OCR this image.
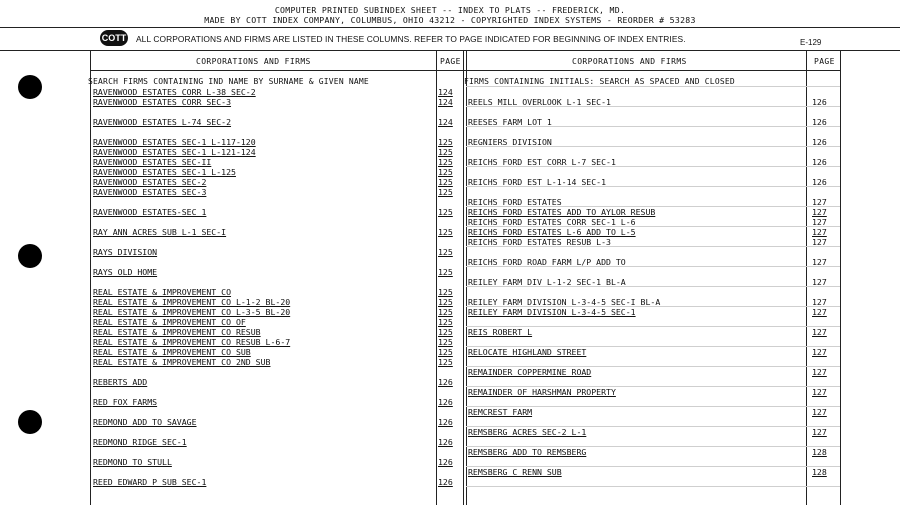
COMPUTER PRINTED SUBINDEX SHEET -- INDEX TO PLATS -- FREDERICK, MD.
MADE BY COTT INDEX COMPANY, COLUMBUS, OHIO 43212 - COPYRIGHTED INDEX SYSTEMS - REORDER # 53283
COTT ALL CORPORATIONS AND FIRMS ARE LISTED IN THESE COLUMNS. REFER TO PAGE INDICATED FOR BEGINNING OF INDEX ENTRIES.	E-129
CORPORATIONS AND FIRMS	PAGE	CORPORATIONS AND FIRMS	PAGE
SEARCH FIRMS CONTAINING IND NAME BY SURNAME & GIVEN NAME	FIRMS CONTAINING INITIALS: SEARCH AS SPACED AND CLOSED
RAVENWOOD ESTATES CORR L-38 SEC-2	124
RAVENWOOD ESTATES CORR SEC-3	124
RAVENWOOD ESTATES L-74 SEC-2	124
RAVENWOOD ESTATES SEC-1 L-117-120	125
RAVENWOOD ESTATES SEC-1 L-121-124	125
RAVENWOOD ESTATES SEC-II	125
RAVENWOOD ESTATES SEC-1 L-125	125
RAVENWOOD ESTATES SEC-2	125
RAVENWOOD ESTATES SEC-3	125
RAVENWOOD ESTATES-SEC 1	125
RAY ANN ACRES SUB L-1 SEC-I	125
RAYS DIVISION	125
RAYS OLD HOME	125
REAL ESTATE & IMPROVEMENT CO	125
REAL ESTATE & IMPROVEMENT CO L-1-2 BL-20	125
REAL ESTATE & IMPROVEMENT CO L-3-5 BL-20	125
REAL ESTATE & IMPROVEMENT CO OF	125
REAL ESTATE & IMPROVEMENT CO RESUB	125
REAL ESTATE & IMPROVEMENT CO RESUB L-6-7	125
REAL ESTATE & IMPROVEMENT CO SUB	125
REAL ESTATE & IMPROVEMENT CO 2ND SUB	125
REBERTS ADD	126
RED FOX FARMS	126
REDMOND ADD TO SAVAGE	126
REDMOND RIDGE SEC-1	126
REDMOND TO STULL	126
REED EDWARD P SUB SEC-1	126
REELS MILL OVERLOOK L-1 SEC-1	126
REESES FARM LOT 1	126
REGNIERS DIVISION	126
REICHS FORD EST CORR L-7 SEC-1	126
REICHS FORD EST L-1-14 SEC-1	126
REICHS FORD ESTATES	127
REICHS FORD ESTATES ADD TO AYLOR RESUB	127
REICHS FORD ESTATES CORR SEC-1 L-6	127
REICHS FORD ESTATES L-6 ADD TO L-5	127
REICHS FORD ESTATES RESUB L-3	127
REICHS FORD ROAD FARM L/P ADD TO	127
REILEY FARM DIV L-1-2 SEC-1 BL-A	127
REILEY FARM DIVISION L-3-4-5 SEC-I BL-A	127
REILEY FARM DIVISION L-3-4-5 SEC-1	127
REIS ROBERT L	127
RELOCATE HIGHLAND STREET	127
REMAINDER COPPERMINE ROAD	127
REMAINDER OF HARSHMAN PROPERTY	127
REMCREST FARM	127
REMSBERG ACRES SEC-2 L-1	127
REMSBERG ADD TO REMSBERG	128
REMSBERG C RENN SUB	128
